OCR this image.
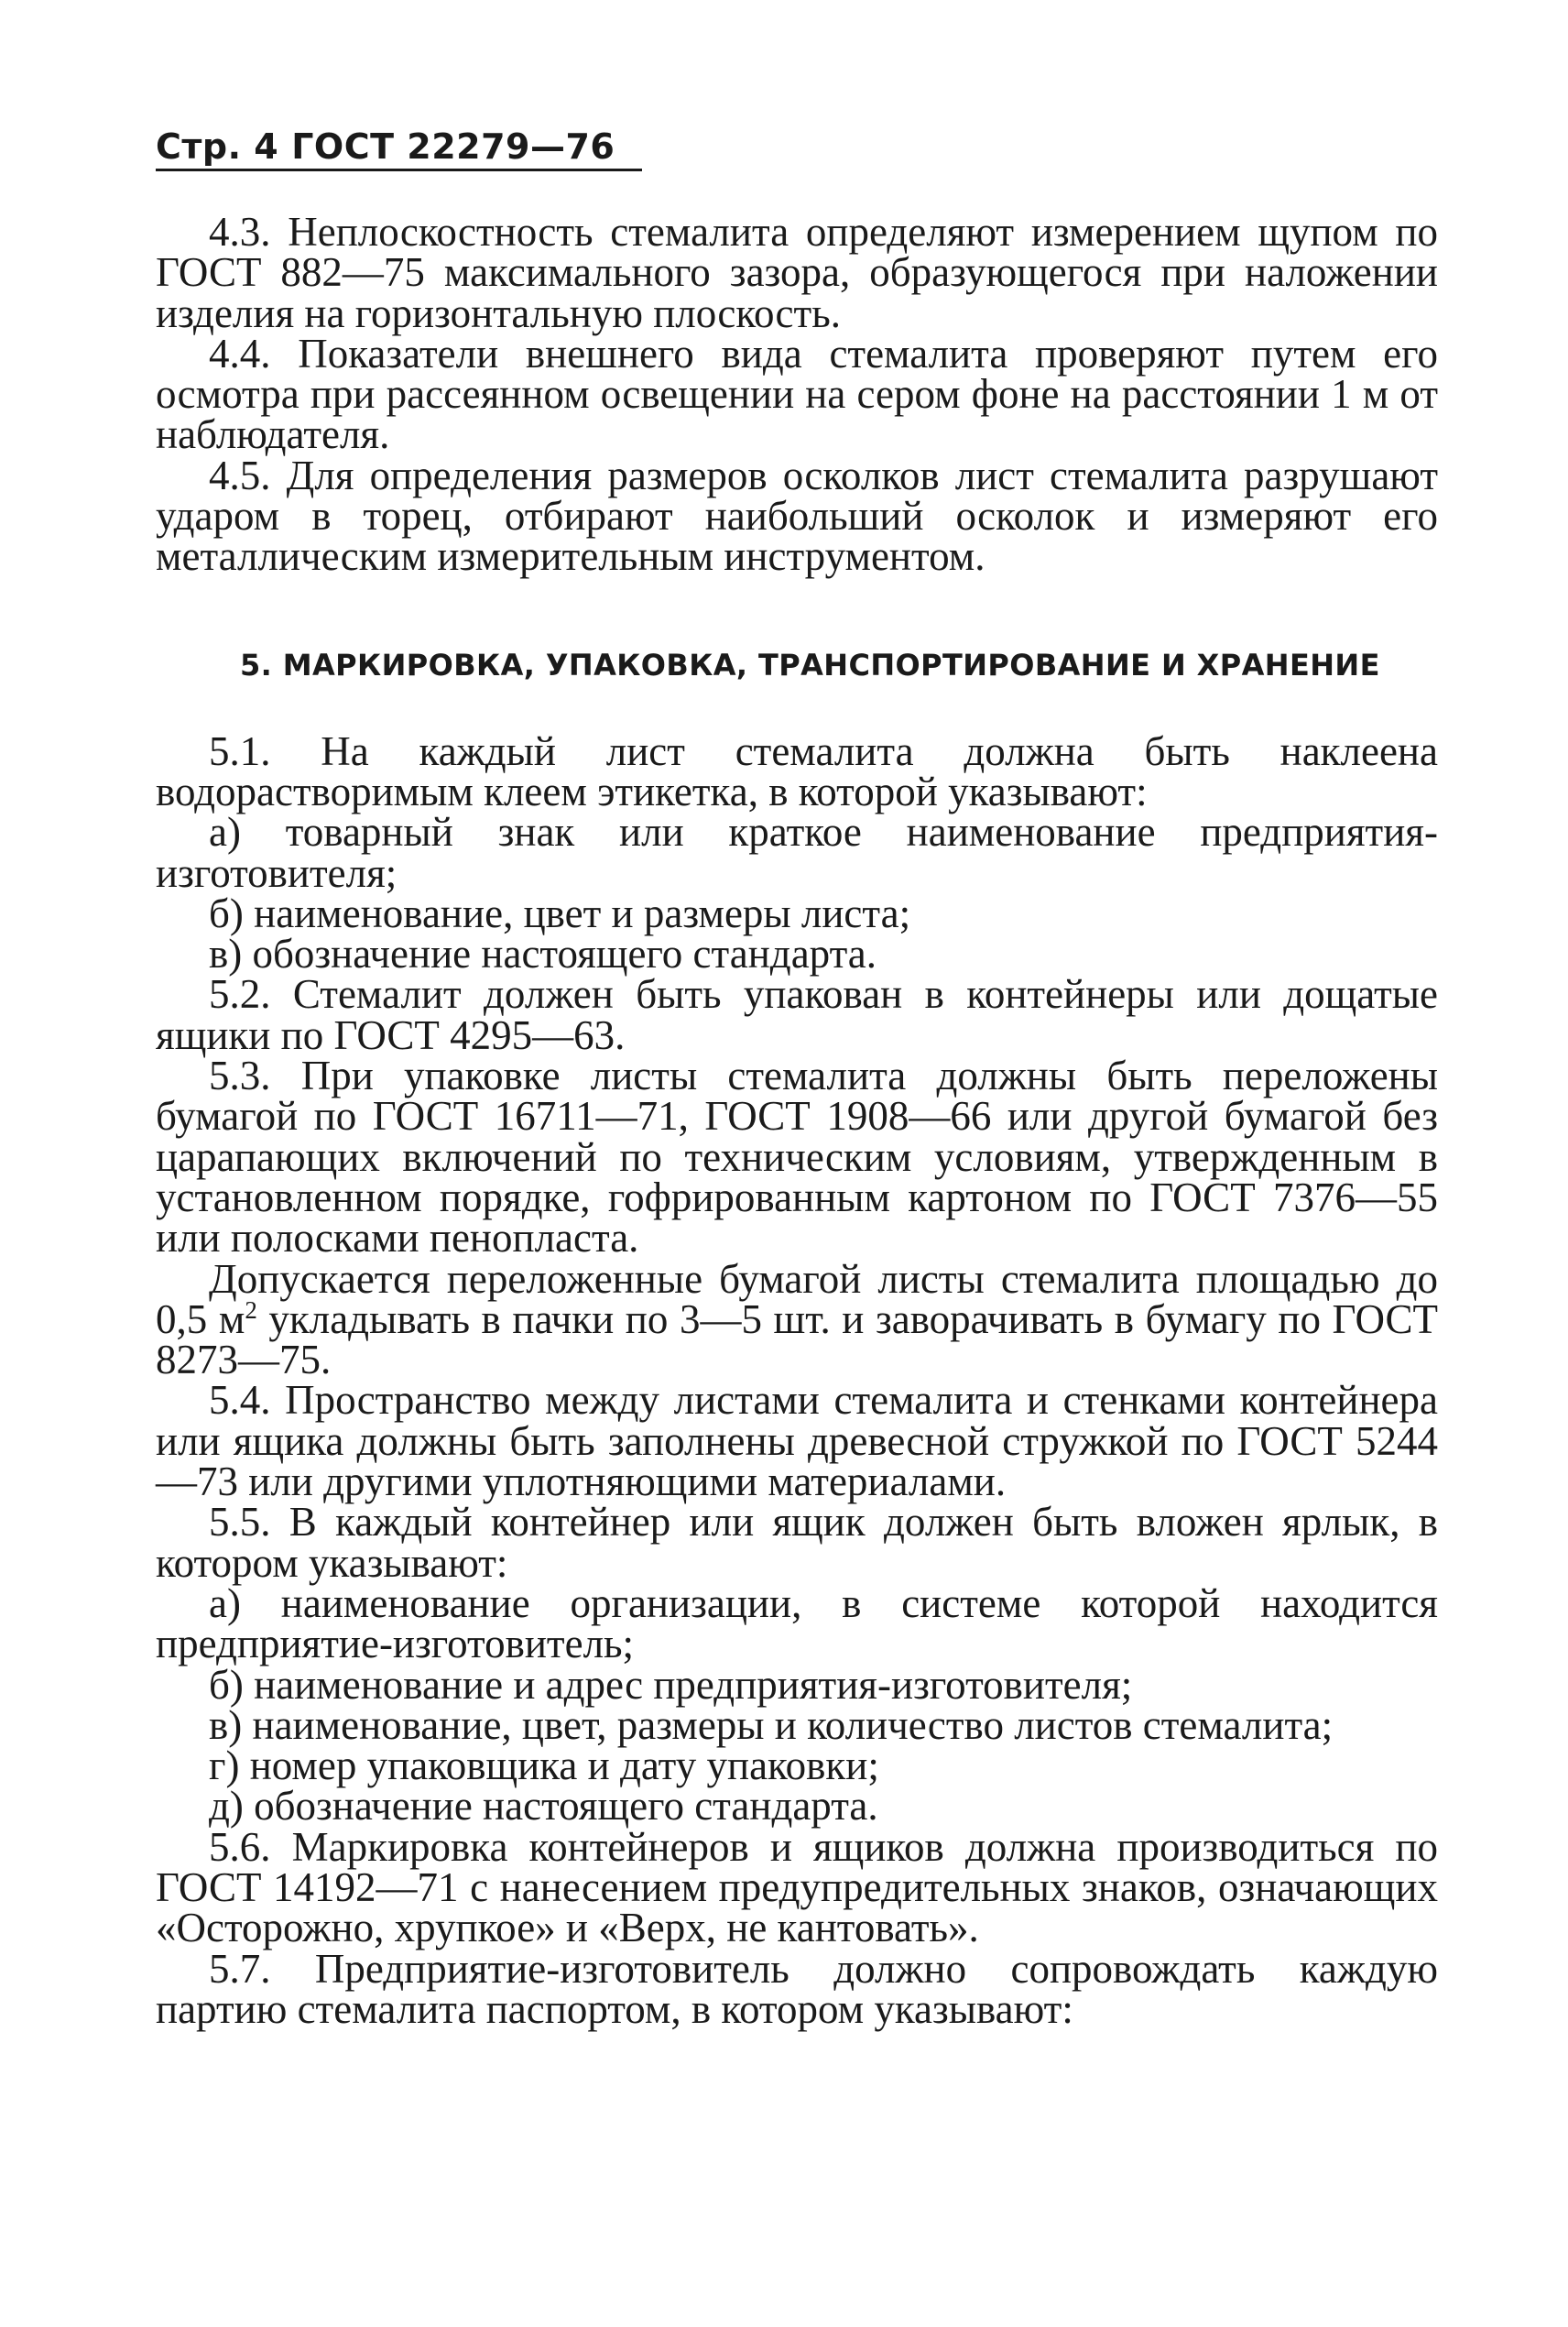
Стр. 4 ГОСТ 22279—76

4.3. Неплоскостность стемалита определяют измерением щупом по ГОСТ 882—75 максимального зазора, образующегося при наложении изделия на горизонтальную плоскость.

4.4. Показатели внешнего вида стемалита проверяют путем его осмотра при рассеянном освещении на сером фоне на расстоянии 1 м от наблюдателя.

4.5. Для определения размеров осколков лист стемалита разрушают ударом в торец, отбирают наибольший осколок и измеряют его металлическим измерительным инструментом.

5. МАРКИРОВКА, УПАКОВКА, ТРАНСПОРТИРОВАНИЕ И ХРАНЕНИЕ

5.1. На каждый лист стемалита должна быть наклеена водорастворимым клеем этикетка, в которой указывают:

а) товарный знак или краткое наименование предприятия-изготовителя;

б) наименование, цвет и размеры листа;

в) обозначение настоящего стандарта.

5.2. Стемалит должен быть упакован в контейнеры или дощатые ящики по ГОСТ 4295—63.

5.3. При упаковке листы стемалита должны быть переложены бумагой по ГОСТ 16711—71, ГОСТ 1908—66 или другой бумагой без царапающих включений по техническим условиям, утвержденным в установленном порядке, гофрированным картоном по ГОСТ 7376—55 или полосками пенопласта.

Допускается переложенные бумагой листы стемалита площадью до 0,5 $м^2$ укладывать в пачки по 3—5 шт. и заворачивать в бумагу по ГОСТ 8273—75.

5.4. Пространство между листами стемалита и стенками контейнера или ящика должны быть заполнены древесной стружкой по ГОСТ 5244—73 или другими уплотняющими материалами.

5.5. В каждый контейнер или ящик должен быть вложен ярлык, в котором указывают:

а) наименование организации, в системе которой находится предприятие-изготовитель;

б) наименование и адрес предприятия-изготовителя;

в) наименование, цвет, размеры и количество листов стемалита;

г) номер упаковщика и дату упаковки;

д) обозначение настоящего стандарта.

5.6. Маркировка контейнеров и ящиков должна производиться по ГОСТ 14192—71 с нанесением предупредительных знаков, означающих «Осторожно, хрупкое» и «Верх, не кантовать».

5.7. Предприятие-изготовитель должно сопровождать каждую партию стемалита паспортом, в котором указывают:
